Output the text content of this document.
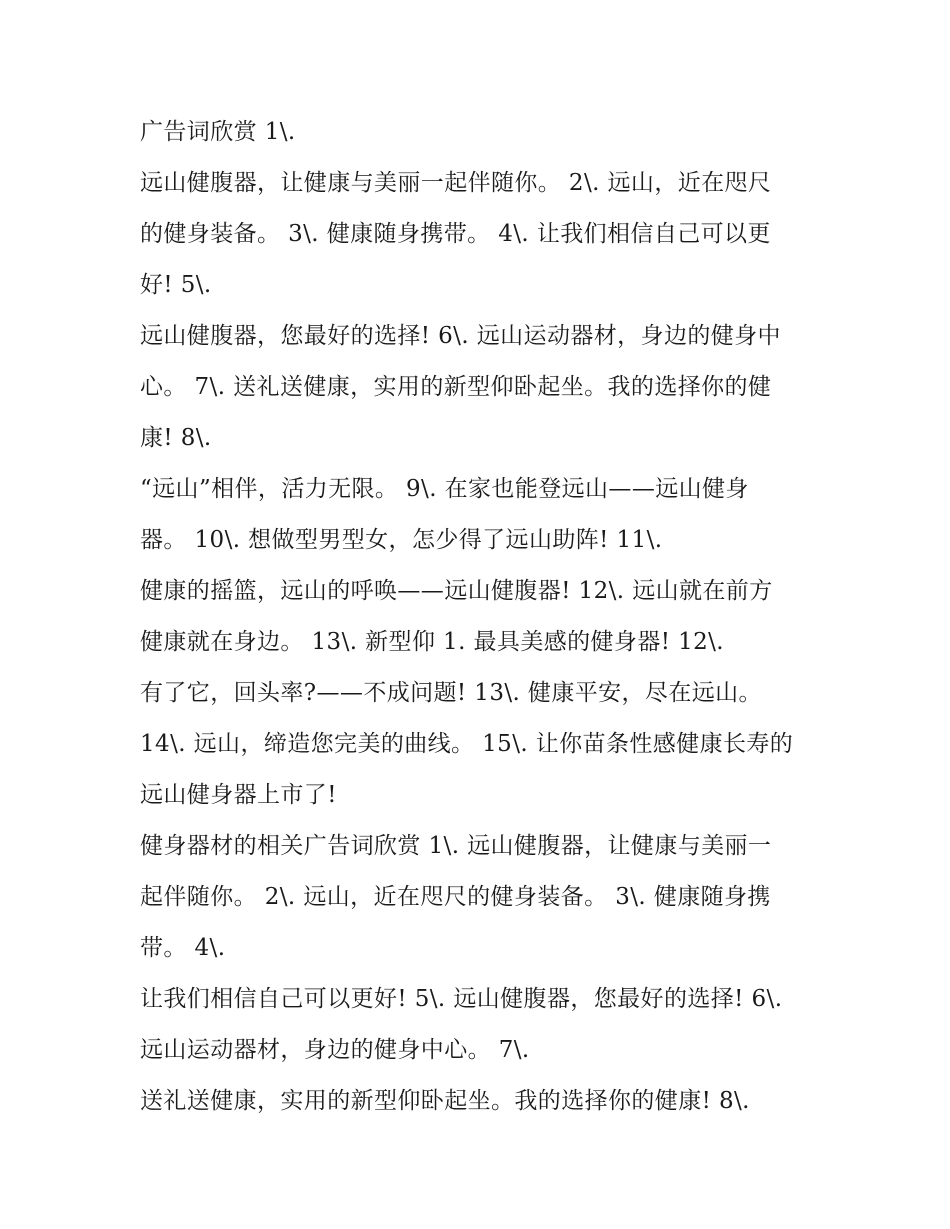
广告词欣赏 1\.
远山健腹器，让健康与美丽一起伴随你。 2\. 远山，近在咫尺
的健身装备。 3\. 健康随身携带。 4\. 让我们相信自己可以更
好! 5\.
远山健腹器，您最好的选择! 6\. 远山运动器材，身边的健身中
心。 7\. 送礼送健康，实用的新型仰卧起坐。我的选择你的健
康! 8\.
“远山”相伴，活力无限。 9\. 在家也能登远山——远山健身
器。 10\. 想做型男型女，怎少得了远山助阵! 11\.
健康的摇篮，远山的呼唤——远山健腹器! 12\. 远山就在前方
健康就在身边。 13\. 新型仰 1. 最具美感的健身器! 12\.
有了它，回头率?——不成问题! 13\. 健康平安，尽在远山。
14\. 远山，缔造您完美的曲线。 15\. 让你苗条性感健康长寿的
远山健身器上市了!
健身器材的相关广告词欣赏 1\. 远山健腹器，让健康与美丽一
起伴随你。 2\. 远山，近在咫尺的健身装备。 3\. 健康随身携
带。 4\.
让我们相信自己可以更好! 5\. 远山健腹器，您最好的选择! 6\.
远山运动器材，身边的健身中心。 7\.
送礼送健康，实用的新型仰卧起坐。我的选择你的健康! 8\.
